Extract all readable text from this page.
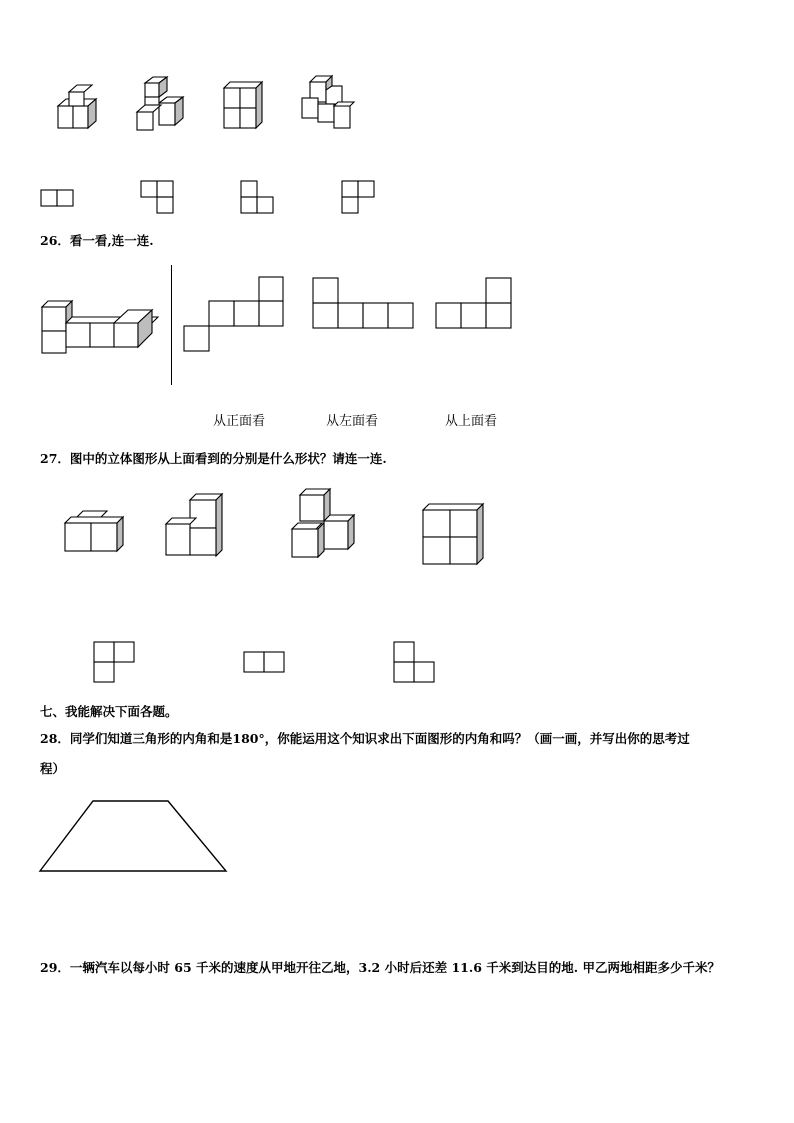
26．看一看,连一连.
从正面看	从左面看	从上面看
27．图中的立体图形从上面看到的分别是什么形状？请连一连.
七、我能解决下面各题。
28．同学们知道三角形的内角和是180°，你能运用这个知识求出下面图形的内角和吗？（画一画，并写出你的思考过
程）
29．一辆汽车以每小时 65 千米的速度从甲地开往乙地，3.2 小时后还差 11.6 千米到达目的地. 甲乙两地相距多少千米？
